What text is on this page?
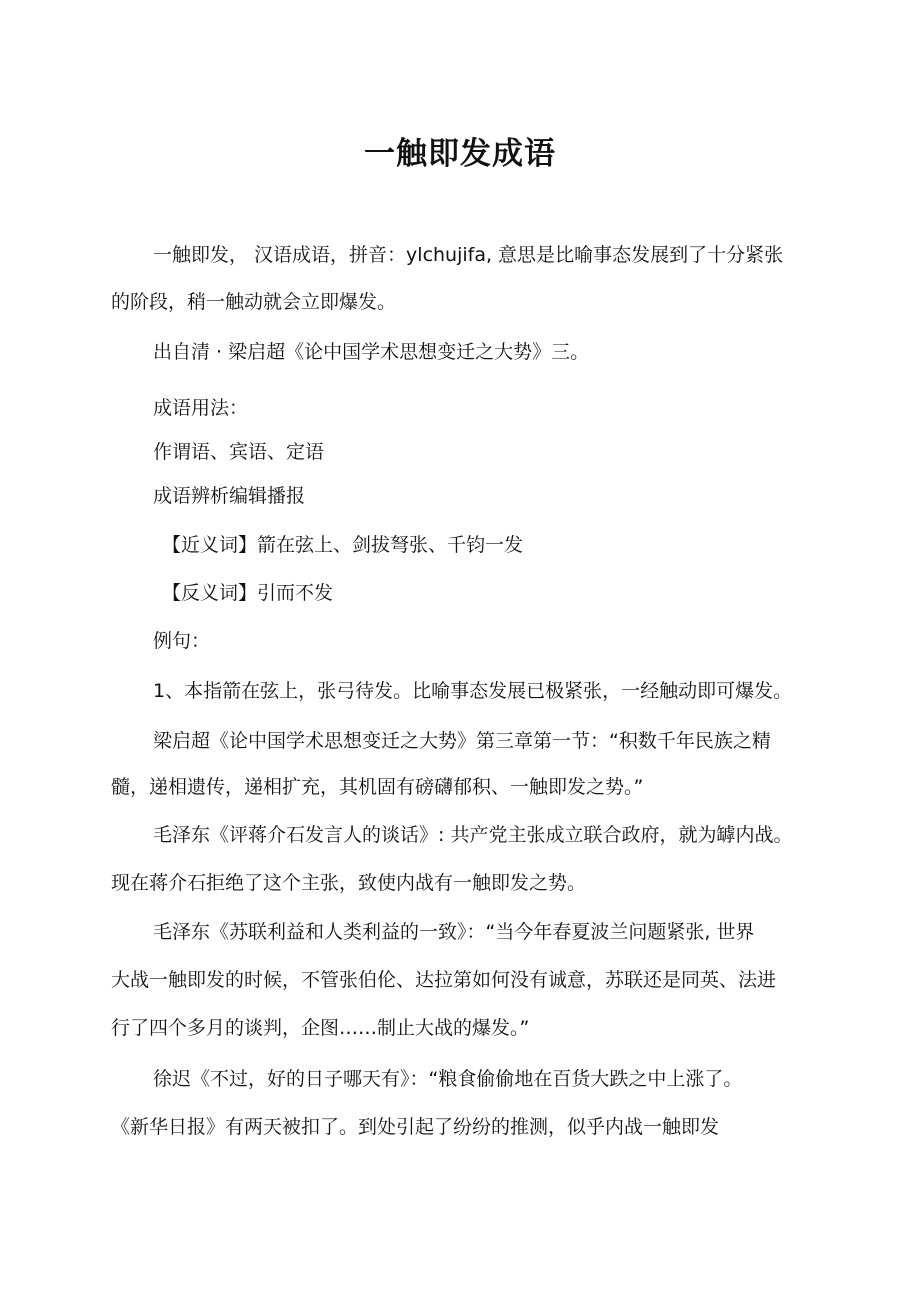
一触即发成语
一触即发， 汉语成语，拼音：ylchujifa, 意思是比喻事态发展到了十分紧张
的阶段，稍一触动就会立即爆发。
出自清 · 梁启超《论中国学术思想变迁之大势》三。
成语用法：
作谓语、宾语、定语
成语辨析编辑播报
【近义词】箭在弦上、剑拔弩张、千钧一发
【反义词】引而不发
例句：
1、本指箭在弦上，张弓待发。比喻事态发展已极紧张，一经触动即可爆发。
梁启超《论中国学术思想变迁之大势》第三章第一节：“积数千年民族之精
髓，递相遗传，递相扩充，其机固有磅礴郁积、一触即发之势。”
毛泽东《评蒋介石发言人的谈话》: 共产党主张成立联合政府，就为罅内战。
现在蒋介石拒绝了这个主张，致使内战有一触即发之势。
毛泽东《苏联利益和人类利益的一致》：“当今年春夏波兰问题紧张, 世界
大战一触即发的时候，不管张伯伦、达拉第如何没有诚意，苏联还是同英、法进
行了四个多月的谈判，企图……制止大战的爆发。”
徐迟《不过，好的日子哪天有》：“粮食偷偷地在百货大跌之中上涨了。
《新华日报》有两天被扣了。到处引起了纷纷的推测，似乎内战一触即发
